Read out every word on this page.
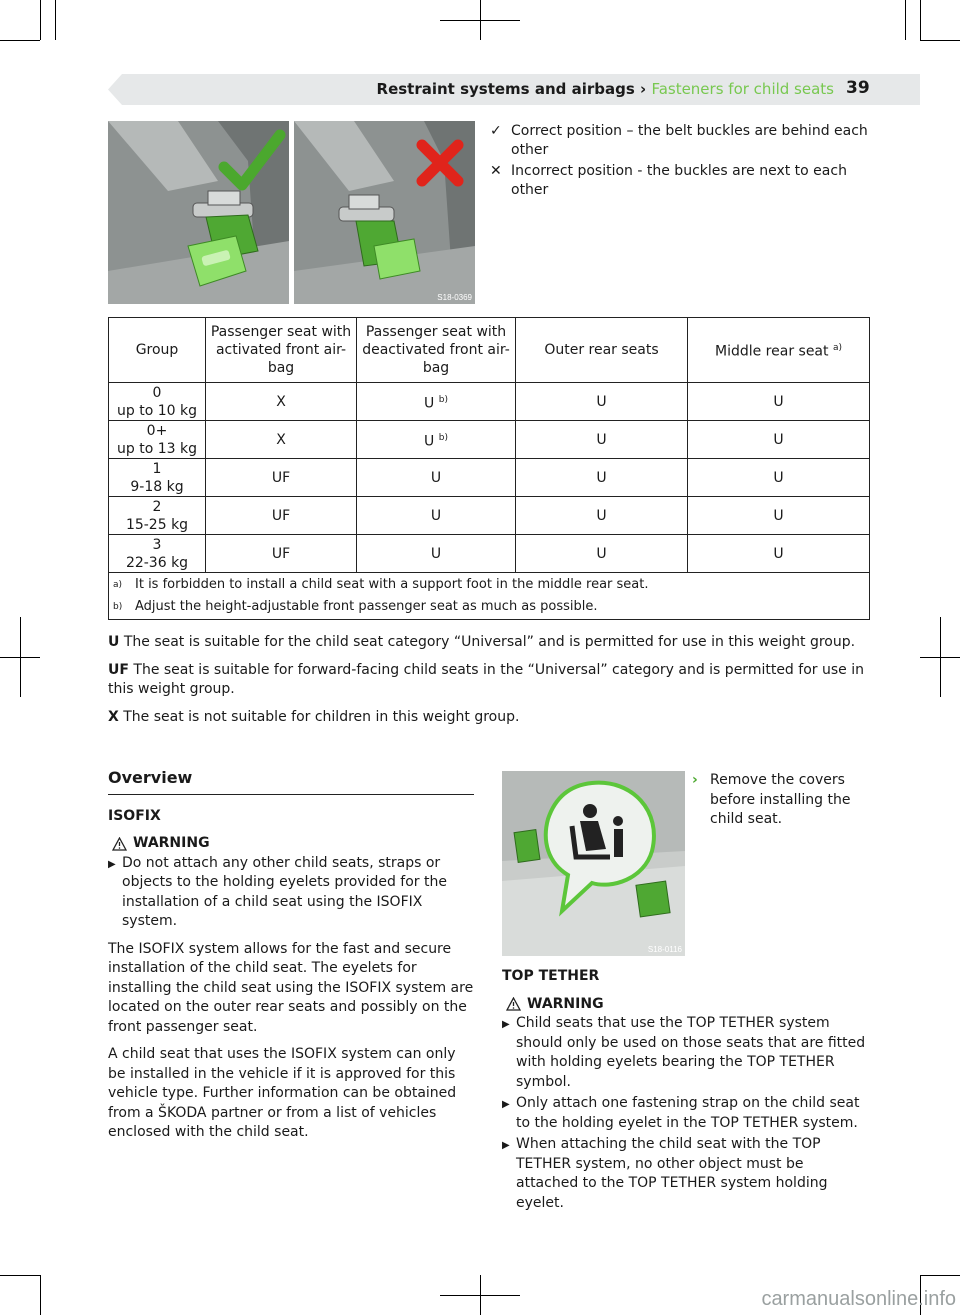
Restraint systems and airbags › Fasteners for child seats 39
S18-0369
✓ Correct position – the belt buckles are behind each other
✕ Incorrect position - the buckles are next to each other
Group	Passenger seat with activated front air-bag	Passenger seat with deactivated front air-bag	Outer rear seats	Middle rear seat $^{a)}$
0
up to 10 kg	X	U $^{b)}$	U	U
0+
up to 13 kg	X	U $^{b)}$	U	U
1
9-18 kg	UF	U	U	U
2
15-25 kg	UF	U	U	U
3
22-36 kg	UF	U	U	U

a) It is forbidden to install a child seat with a support foot in the middle rear seat.
b) Adjust the height-adjustable front passenger seat as much as possible.				
U The seat is suitable for the child seat category “Universal” and is permitted for use in this weight group.
UF The seat is suitable for forward-facing child seats in the “Universal” category and is permitted for use in this weight group.
X The seat is not suitable for children in this weight group.
Overview
ISOFIX
WARNING
▶ Do not attach any other child seats, straps or objects to the holding eyelets provided for the installation of a child seat using the ISOFIX system.

The ISOFIX system allows for the fast and secure installation of the child seat. The eyelets for installing the child seat using the ISOFIX system are located on the outer rear seats and possibly on the front passenger seat.

A child seat that uses the ISOFIX system can only be installed in the vehicle if it is approved for this vehicle type. Further information can be obtained from a ŠKODA partner or from a list of vehicles enclosed with the child seat.

S18-0116
› Remove the covers before installing the child seat.
TOP TETHER
WARNING
▶ Child seats that use the TOP TETHER system should only be used on those seats that are fitted with holding eyelets bearing the TOP TETHER symbol.
▶ Only attach one fastening strap on the child seat to the holding eyelet in the TOP TETHER system.
▶ When attaching the child seat with the TOP TETHER system, no other object must be attached to the TOP TETHER system holding eyelet.
carmanualsonline.info
